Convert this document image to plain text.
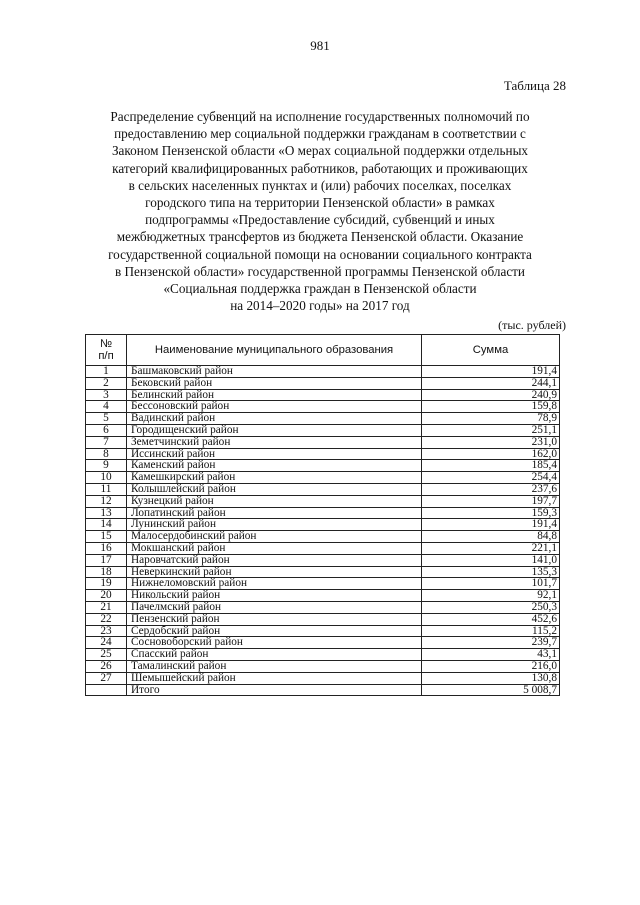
981
Таблица 28
Распределение субвенций на исполнение государственных полномочий по
предоставлению мер социальной поддержки гражданам в соответствии с
Законом Пензенской области «О мерах социальной поддержки отдельных
категорий квалифицированных работников, работающих и проживающих
в сельских населенных пунктах и (или) рабочих поселках, поселках
городского типа на территории Пензенской области» в рамках
подпрограммы «Предоставление субсидий, субвенций и иных
межбюджетных трансфертов из бюджета Пензенской области. Оказание
государственной социальной помощи на основании социального контракта
в Пензенской области» государственной программы Пензенской области
«Социальная поддержка граждан в Пензенской области
на 2014–2020 годы» на 2017 год
(тыс. рублей)
№
п/п	Наименование муниципального образования	Сумма
1	Башмаковский район	191,4
2	Бековский район	244,1
3	Белинский район	240,9
4	Бессоновский район	159,8
5	Вадинский район	78,9
6	Городищенский район	251,1
7	Земетчинский район	231,0
8	Иссинский район	162,0
9	Каменский район	185,4
10	Камешкирский район	254,4
11	Колышлейский район	237,6
12	Кузнецкий район	197,7
13	Лопатинский район	159,3
14	Лунинский район	191,4
15	Малосердобинский район	84,8
16	Мокшанский район	221,1
17	Наровчатский район	141,0
18	Неверкинский район	135,3
19	Нижнеломовский район	101,7
20	Никольский район	92,1
21	Пачелмский район	250,3
22	Пензенский район	452,6
23	Сердобский район	115,2
24	Сосновоборский район	239,7
25	Спасский район	43,1
26	Тамалинский район	216,0
27	Шемышейский район	130,8
	Итого	5 008,7
